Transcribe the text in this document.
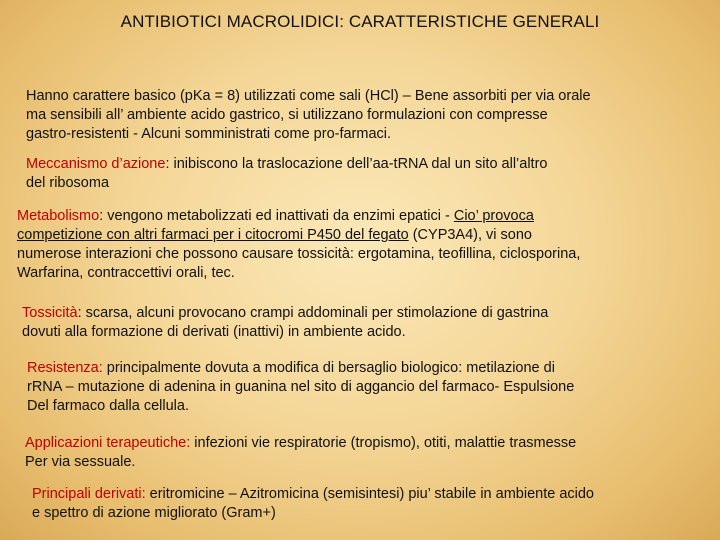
ANTIBIOTICI MACROLIDICI: CARATTERISTICHE GENERALI
Hanno carattere basico (pKa = 8) utilizzati come sali (HCl) – Bene assorbiti per via orale
ma sensibili all’ ambiente acido gastrico, si utilizzano formulazioni con compresse
gastro-resistenti - Alcuni somministrati come pro-farmaci.
Meccanismo d’azione: inibiscono la traslocazione dell’aa-tRNA dal un sito all’altro
del ribosoma
Metabolismo: vengono metabolizzati ed inattivati da enzimi epatici - Cio’ provoca
competizione con altri farmaci per i citocromi P450 del fegato (CYP3A4), vi sono
numerose interazioni che possono causare tossicità: ergotamina, teofillina, ciclosporina,
Warfarina, contraccettivi orali, tec.
Tossicità: scarsa, alcuni provocano crampi addominali per stimolazione di gastrina
dovuti alla formazione di derivati (inattivi) in ambiente acido.
Resistenza: principalmente dovuta a modifica di bersaglio biologico: metilazione di
rRNA – mutazione di adenina in guanina nel sito di aggancio del farmaco- Espulsione
Del farmaco dalla cellula.
Applicazioni terapeutiche: infezioni vie respiratorie (tropismo), otiti, malattie trasmesse
Per via sessuale.
Principali derivati: eritromicine – Azitromicina (semisintesi) piu’ stabile in ambiente acido
e spettro di azione migliorato (Gram+)
